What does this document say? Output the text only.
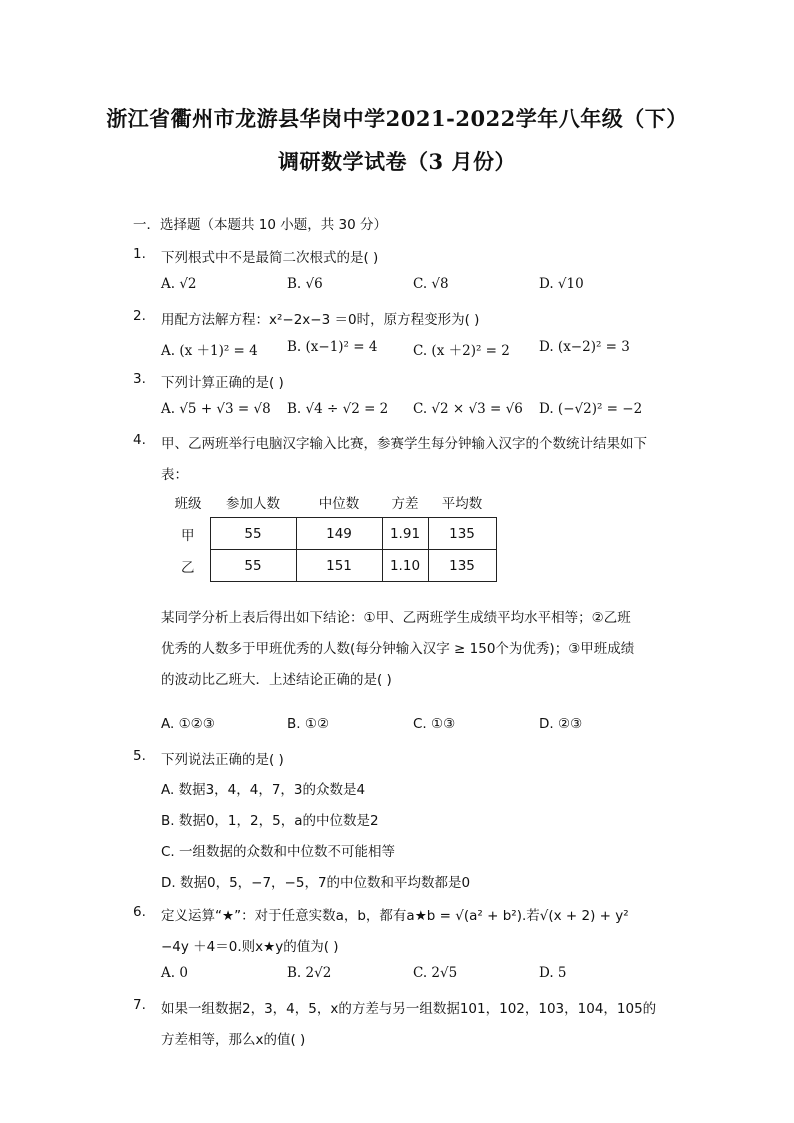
浙江省衢州市龙游县华岗中学2021-2022学年八年级（下）
调研数学试卷（3 月份）
一．选择题（本题共 10 小题，共 30 分）
1. 下列根式中不是最简二次根式的是( )
A. √2	B. √6	C. √8	D. √10
2. 用配方法解方程：x²−2x−3 ＝0时，原方程变形为( )
A. (x ＋1)² = 4 B. (x−1)² = 4	C. (x ＋2)² = 2 D. (x−2)² = 3
3. 下列计算正确的是( )
A. √5 + √3 = √8 B. √4 ÷ √2 = 2 C. √2 × √3 = √6 D. (−√2)² = −2
4. 甲、乙两班举行电脑汉字输入比赛，参赛学生每分钟输入汉字的个数统计结果如下
表：
班级	参加人数	中位数	方差	平均数
甲	55	149	1.91	135
乙	55	151	1.10	135
某同学分析上表后得出如下结论：①甲、乙两班学生成绩平均水平相等；②乙班
优秀的人数多于甲班优秀的人数(每分钟输入汉字 ≥ 150个为优秀)；③甲班成绩
的波动比乙班大．上述结论正确的是( )
A. ①②③	B. ①②	C. ①③	D. ②③
5. 下列说法正确的是( )
A. 数据3，4，4，7，3的众数是4
B. 数据0，1，2，5，a的中位数是2
C. 一组数据的众数和中位数不可能相等
D. 数据0，5，−7，−5，7的中位数和平均数都是0
6. 定义运算“★”：对于任意实数a，b，都有a★b = √(a² + b²).若√(x + 2) + y²
−4y ＋4＝0.则x★y的值为( )
A. 0	B. 2√2	C. 2√5	D. 5
7. 如果一组数据2，3，4，5，x的方差与另一组数据101，102，103，104，105的
方差相等，那么x的值( )
